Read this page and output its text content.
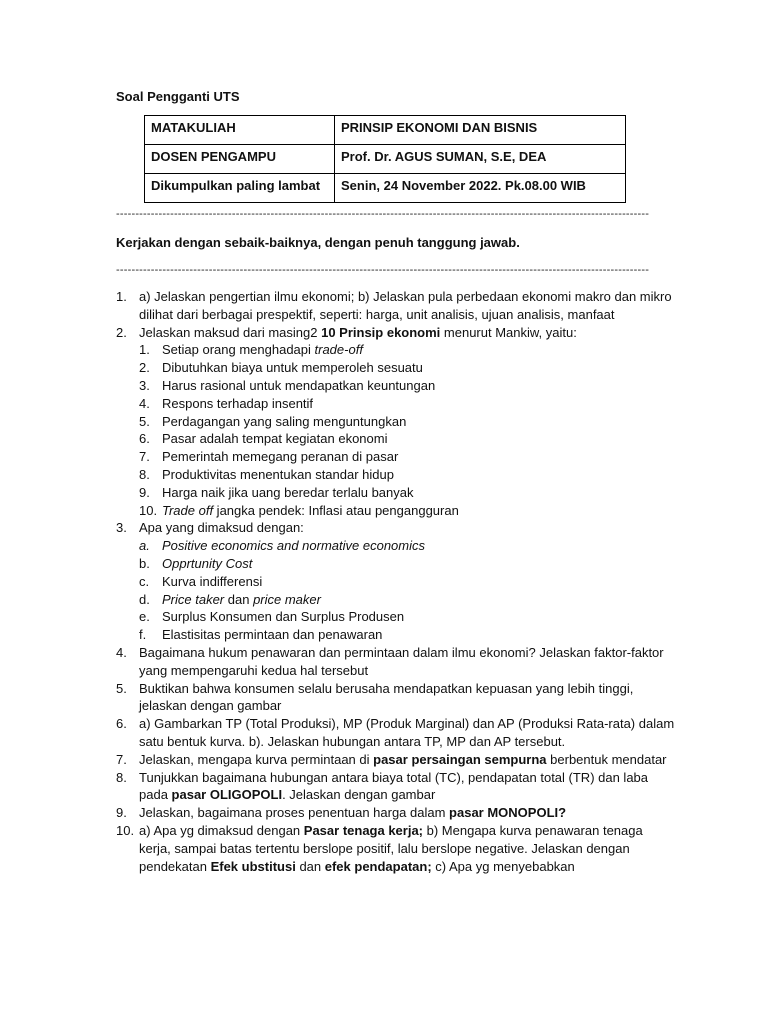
Soal Pengganti UTS
MATAKULIAH	PRINSIP EKONOMI DAN BISNIS
DOSEN PENGAMPU	Prof. Dr. AGUS SUMAN, S.E, DEA
Dikumpulkan paling lambat	Senin, 24 November 2022. Pk.08.00 WIB
------------------------------------------------------------------------------------------------------------------------------------------
Kerjakan dengan sebaik-baiknya, dengan penuh tanggung jawab.
------------------------------------------------------------------------------------------------------------------------------------------
1. a) Jelaskan pengertian ilmu ekonomi; b) Jelaskan pula perbedaan ekonomi makro dan mikro dilihat dari berbagai prespektif, seperti: harga, unit analisis, ujuan analisis, manfaat
2. Jelaskan maksud dari masing2 10 Prinsip ekonomi menurut Mankiw, yaitu:
1. Setiap orang menghadapi trade-off
2. Dibutuhkan biaya untuk memperoleh sesuatu
3. Harus rasional untuk mendapatkan keuntungan
4. Respons terhadap insentif
5. Perdagangan yang saling menguntungkan
6. Pasar adalah tempat kegiatan ekonomi
7. Pemerintah memegang peranan di pasar
8. Produktivitas menentukan standar hidup
9. Harga naik jika uang beredar terlalu banyak
10. Trade off jangka pendek: Inflasi atau pengangguran
3. Apa yang dimaksud dengan:
a. Positive economics and normative economics
b. Opprtunity Cost
c. Kurva indifferensi
d. Price taker dan price maker
e. Surplus Konsumen dan Surplus Produsen
f.	Elastisitas permintaan dan penawaran
4. Bagaimana hukum penawaran dan permintaan dalam ilmu ekonomi? Jelaskan faktor-faktor yang mempengaruhi kedua hal tersebut
5. Buktikan bahwa konsumen selalu berusaha mendapatkan kepuasan yang lebih tinggi, jelaskan dengan gambar
6. a) Gambarkan TP (Total Produksi), MP (Produk Marginal) dan AP (Produksi Rata-rata) dalam satu bentuk kurva. b). Jelaskan hubungan antara TP, MP dan AP tersebut.
7. Jelaskan, mengapa kurva permintaan di pasar persaingan sempurna berbentuk mendatar
8. Tunjukkan bagaimana hubungan antara biaya total (TC), pendapatan total (TR) dan laba pada pasar OLIGOPOLI. Jelaskan dengan gambar
9. Jelaskan, bagaimana proses penentuan harga dalam pasar MONOPOLI?
10. a) Apa yg dimaksud dengan Pasar tenaga kerja; b) Mengapa kurva penawaran tenaga kerja, sampai batas tertentu berslope positif, lalu berslope negative. Jelaskan dengan pendekatan Efek ubstitusi dan efek pendapatan; c) Apa yg menyebabkan
